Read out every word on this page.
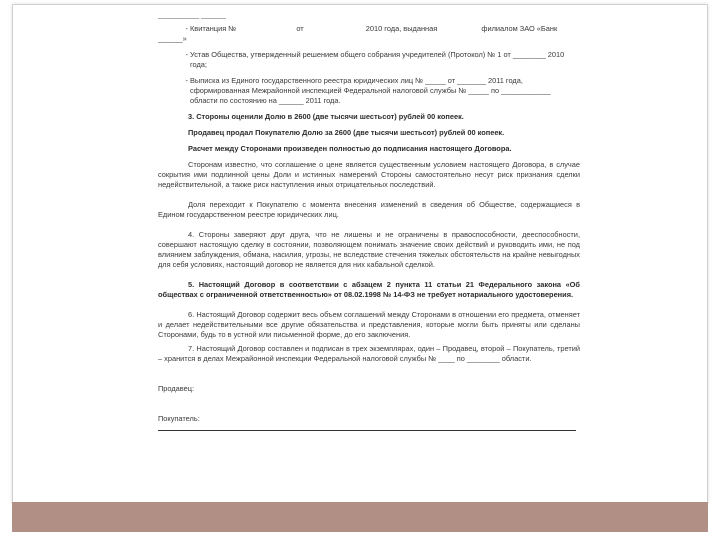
__________ ______
- Квитанция №	от	2010 года, выданная	филиалом ЗАО «Банк
______»
- Устав Общества, утвержденный решением общего собрания учредителей (Протокол) № 1 от ________ 2010 года;
- Выписка из Единого государственного реестра юридических лиц № _____ от _______ 2011 года, сформированная Межрайонной инспекцией Федеральной налоговой службы № _____ по ____________ области по состоянию на ______ 2011 года.

3. Стороны оценили Долю в 2600 (две тысячи шестьсот) рублей 00 копеек.

Продавец продал Покупателю Долю за 2600 (две тысячи шестьсот) рублей 00 копеек.

Расчет между Сторонами произведен полностью до подписания настоящего Договора.

Сторонам известно, что соглашение о цене является существенным условием настоящего Договора, в случае сокрытия ими подлинной цены Доли и истинных намерений Стороны самостоятельно несут риск признания сделки недействительной, а также риск наступления иных отрицательных последствий.

Доля переходит к Покупателю с момента внесения изменений в сведения об Обществе, содержащиеся в Едином государственном реестре юридических лиц.

4. Стороны заверяют друг друга, что не лишены и не ограничены в правоспособности, дееспособности, совершают настоящую сделку в состоянии, позволяющем понимать значение своих действий и руководить ими, не под влиянием заблуждения, обмана, насилия, угрозы, не вследствие стечения тяжелых обстоятельств на крайне невыгодных для себя условиях, настоящий договор не является для них кабальной сделкой.

5. Настоящий Договор в соответствии с абзацем 2 пункта 11 статьи 21 Федерального закона «Об обществах с ограниченной ответственностью» от 08.02.1998 № 14-ФЗ не требует нотариального удостоверения.

6. Настоящий Договор содержит весь объем соглашений между Сторонами в отношении его предмета, отменяет и делает недействительными все другие обязательства и представления, которые могли быть приняты или сделаны Сторонами, будь то в устной или письменной форме, до его заключения.

7. Настоящий Договор составлен и подписан в трех экземплярах, один – Продавец, второй – Покупатель, третий – хранится в делах Межрайонной инспекции Федеральной налоговой службы № ____ по ________ области.

Продавец:

Покупатель:
